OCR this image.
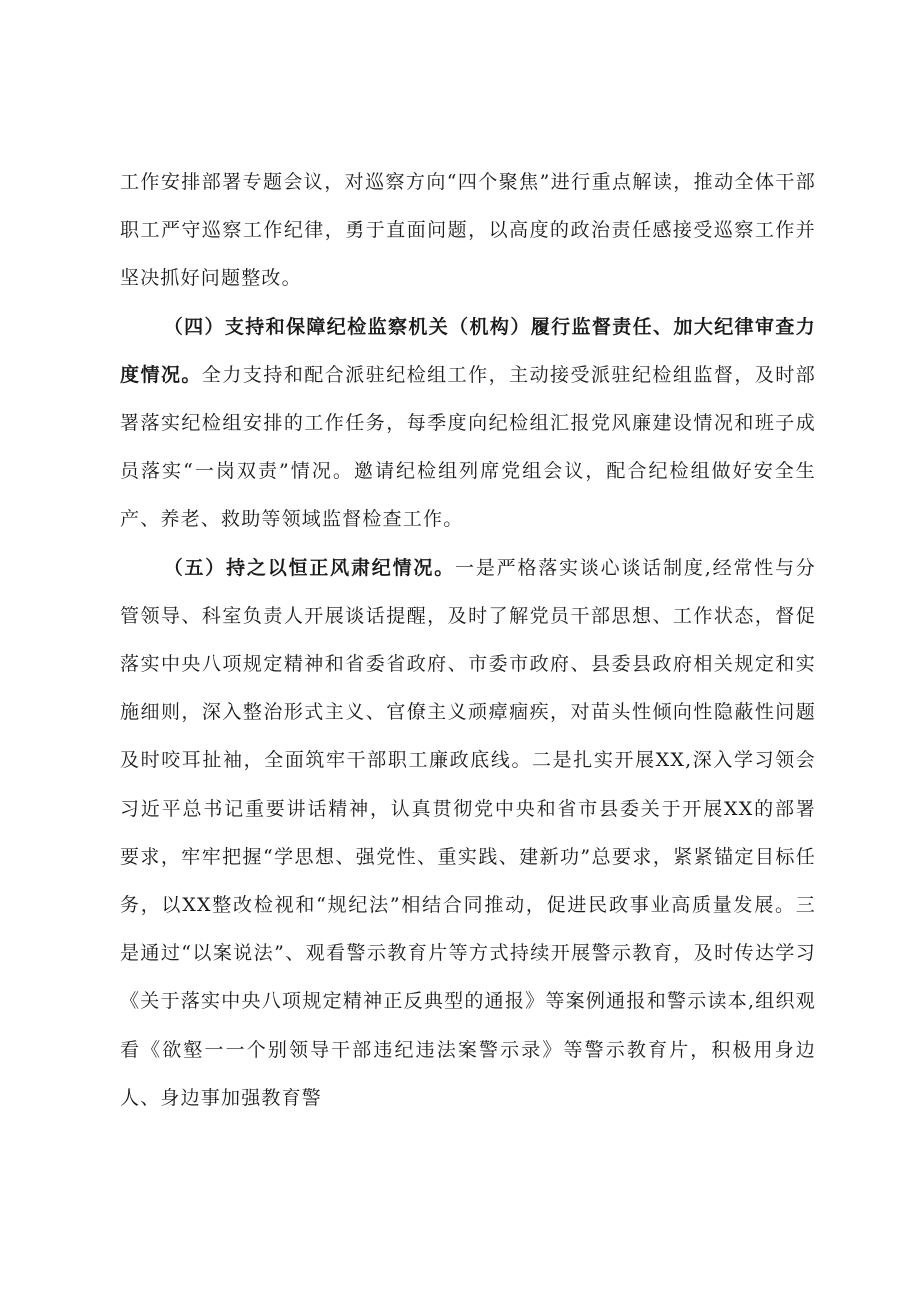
工作安排部署专题会议，对巡察方向“四个聚焦”进行重点解读，推动全体干部职工严守巡察工作纪律，勇于直面问题，以高度的政治责任感接受巡察工作并坚决抓好问题整改。

（四）支持和保障纪检监察机关（机构）履行监督责任、加大纪律审查力度情况。全力支持和配合派驻纪检组工作，主动接受派驻纪检组监督，及时部署落实纪检组安排的工作任务，每季度向纪检组汇报党风廉建设情况和班子成员落实“一岗双责”情况。邀请纪检组列席党组会议，配合纪检组做好安全生产、养老、救助等领域监督检查工作。

（五）持之以恒正风肃纪情况。一是严格落实谈心谈话制度,经常性与分管领导、科室负责人开展谈话提醒，及时了解党员干部思想、工作状态，督促落实中央八项规定精神和省委省政府、市委市政府、县委县政府相关规定和实施细则，深入整治形式主义、官僚主义顽瘴痼疾，对苗头性倾向性隐蔽性问题及时咬耳扯袖，全面筑牢干部职工廉政底线。二是扎实开展XX,深入学习领会习近平总书记重要讲话精神，认真贯彻党中央和省市县委关于开展XX的部署要求，牢牢把握“学思想、强党性、重实践、建新功”总要求，紧紧锚定目标任务，以XX整改检视和“规纪法”相结合同推动，促进民政事业高质量发展。三是通过“以案说法”、观看警示教育片等方式持续开展警示教育，及时传达学习《关于落实中央八项规定精神正反典型的通报》等案例通报和警示读本,组织观看《欲壑一一个别领导干部违纪违法案警示录》等警示教育片，积极用身边人、身边事加强教育警
